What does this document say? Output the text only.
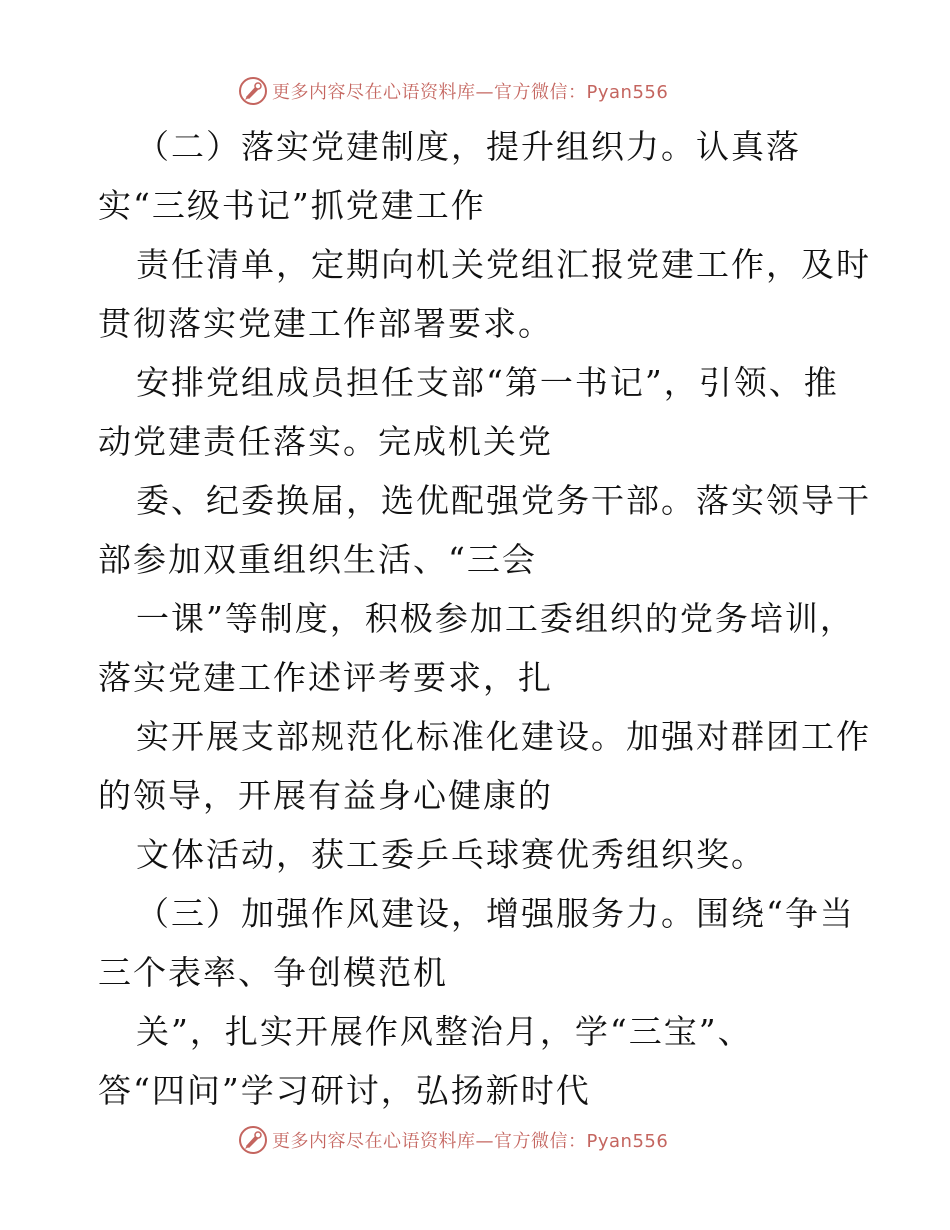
更多内容尽在心语资料库—官方微信：Pyan556
（二）落实党建制度，提升组织力。认真落
实“三级书记”抓党建工作
责任清单，定期向机关党组汇报党建工作，及时
贯彻落实党建工作部署要求。
安排党组成员担任支部“第一书记”，引领、推
动党建责任落实。完成机关党
委、纪委换届，选优配强党务干部。落实领导干
部参加双重组织生活、“三会
一课”等制度，积极参加工委组织的党务培训，
落实党建工作述评考要求，扎
实开展支部规范化标准化建设。加强对群团工作
的领导，开展有益身心健康的
文体活动，获工委乒乓球赛优秀组织奖。
（三）加强作风建设，增强服务力。围绕“争当
三个表率、争创模范机
关”，扎实开展作风整治月，学“三宝”、
答“四问”学习研讨，弘扬新时代
更多内容尽在心语资料库—官方微信：Pyan556
